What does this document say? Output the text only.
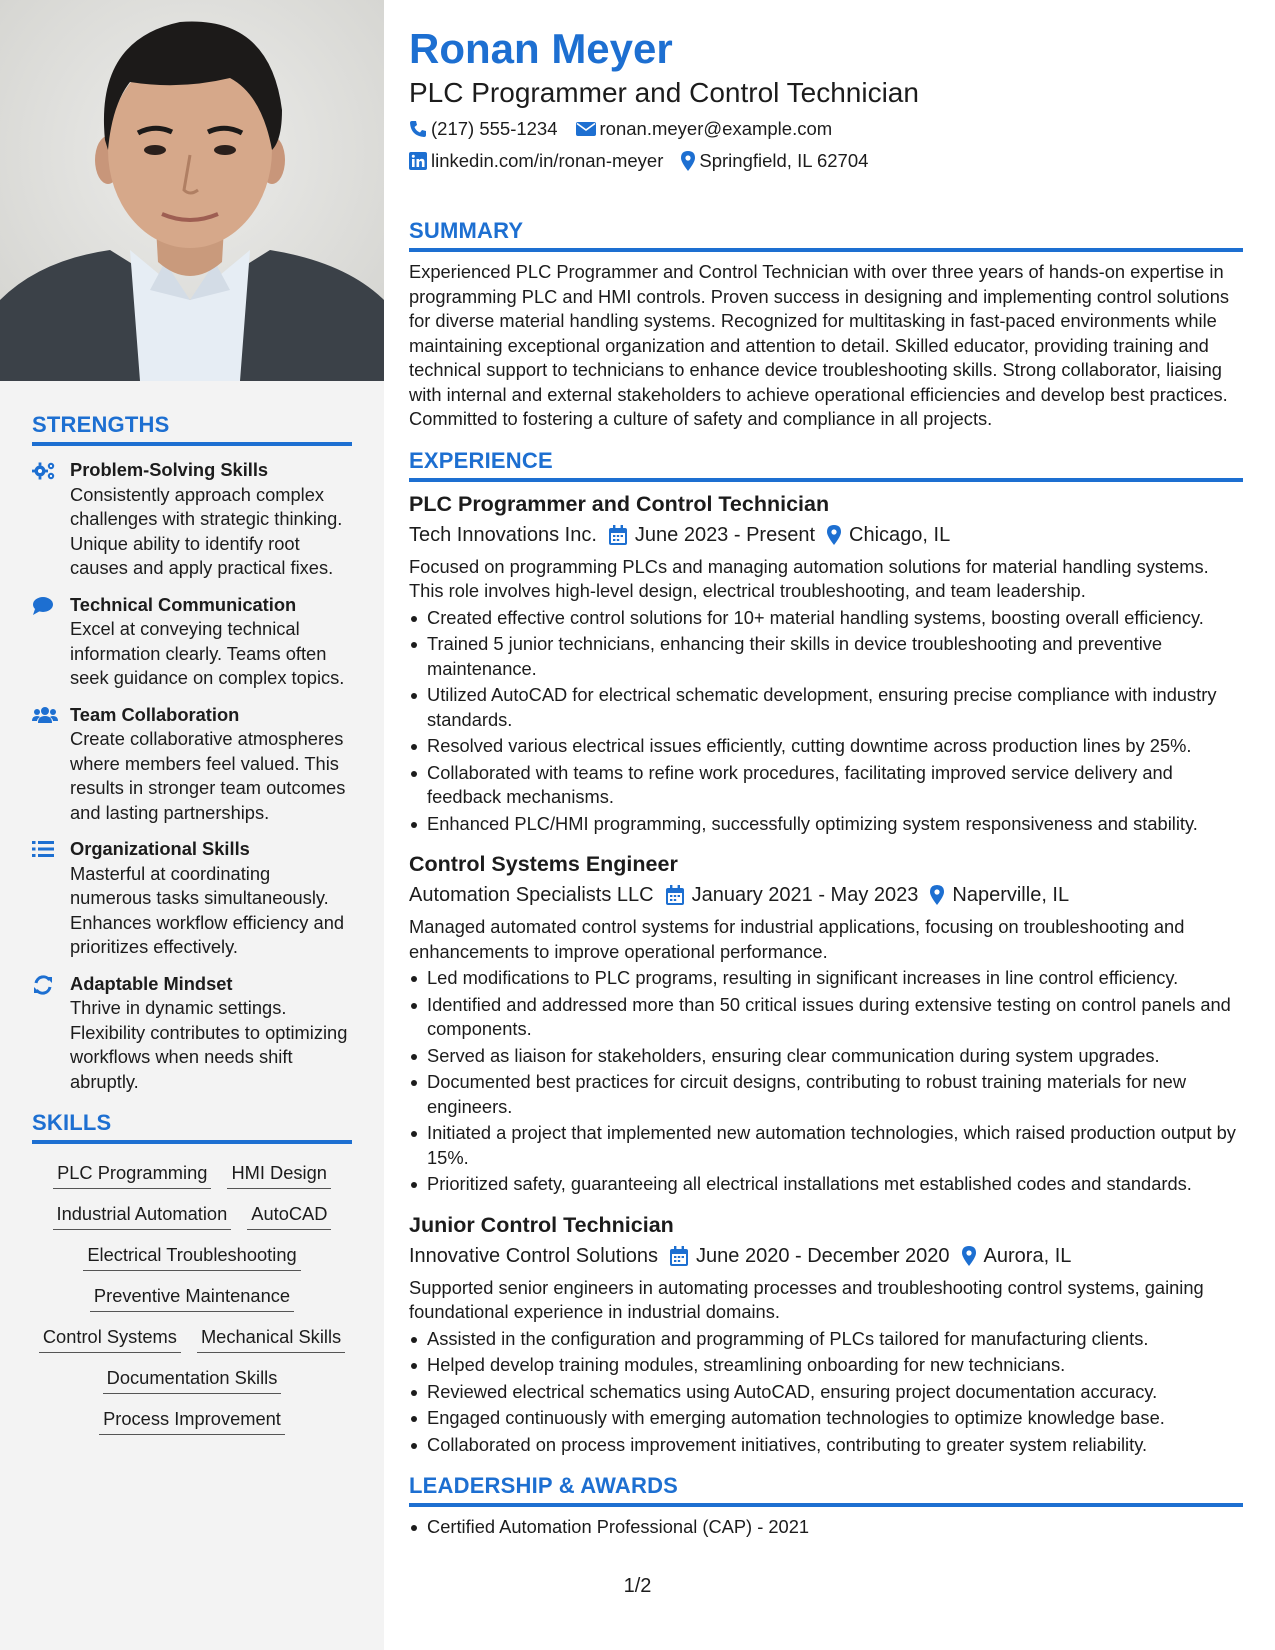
STRENGTHS
Problem-Solving Skills
Consistently approach complex challenges with strategic thinking. Unique ability to identify root causes and apply practical fixes.
Technical Communication
Excel at conveying technical information clearly. Teams often seek guidance on complex topics.
Team Collaboration
Create collaborative atmospheres where members feel valued. This results in stronger team outcomes and lasting partnerships.
Organizational Skills
Masterful at coordinating numerous tasks simultaneously. Enhances workflow efficiency and prioritizes effectively.
Adaptable Mindset
Thrive in dynamic settings. Flexibility contributes to optimizing workflows when needs shift abruptly.
SKILLS
PLC Programming HMI Design
Industrial Automation AutoCAD
Electrical Troubleshooting
Preventive Maintenance
Control Systems Mechanical Skills
Documentation Skills
Process Improvement
Ronan Meyer
PLC Programmer and Control Technician
(217) 555-1234 ronan.meyer@example.com
linkedin.com/in/ronan-meyer Springfield, IL 62704
SUMMARY

Experienced PLC Programmer and Control Technician with over three years of hands-on expertise in programming PLC and HMI controls. Proven success in designing and implementing control solutions for diverse material handling systems. Recognized for multitasking in fast-paced environments while maintaining exceptional organization and attention to detail. Skilled educator, providing training and technical support to technicians to enhance device troubleshooting skills. Strong collaborator, liaising with internal and external stakeholders to achieve operational efficiencies and develop best practices. Committed to fostering a culture of safety and compliance in all projects.

EXPERIENCE
PLC Programmer and Control Technician
Tech Innovations Inc. June 2023 - Present Chicago, IL

Focused on programming PLCs and managing automation solutions for material handling systems. This role involves high-level design, electrical troubleshooting, and team leadership.

Created effective control solutions for 10+ material handling systems, boosting overall efficiency.
Trained 5 junior technicians, enhancing their skills in device troubleshooting and preventive maintenance.
Utilized AutoCAD for electrical schematic development, ensuring precise compliance with industry standards.
Resolved various electrical issues efficiently, cutting downtime across production lines by 25%.
Collaborated with teams to refine work procedures, facilitating improved service delivery and feedback mechanisms.
Enhanced PLC/HMI programming, successfully optimizing system responsiveness and stability.
Control Systems Engineer
Automation Specialists LLC January 2021 - May 2023 Naperville, IL

Managed automated control systems for industrial applications, focusing on troubleshooting and enhancements to improve operational performance.

Led modifications to PLC programs, resulting in significant increases in line control efficiency.
Identified and addressed more than 50 critical issues during extensive testing on control panels and components.
Served as liaison for stakeholders, ensuring clear communication during system upgrades.
Documented best practices for circuit designs, contributing to robust training materials for new engineers.
Initiated a project that implemented new automation technologies, which raised production output by 15%.
Prioritized safety, guaranteeing all electrical installations met established codes and standards.
Junior Control Technician
Innovative Control Solutions June 2020 - December 2020 Aurora, IL

Supported senior engineers in automating processes and troubleshooting control systems, gaining foundational experience in industrial domains.

Assisted in the configuration and programming of PLCs tailored for manufacturing clients.
Helped develop training modules, streamlining onboarding for new technicians.
Reviewed electrical schematics using AutoCAD, ensuring project documentation accuracy.
Engaged continuously with emerging automation technologies to optimize knowledge base.
Collaborated on process improvement initiatives, contributing to greater system reliability.
LEADERSHIP & AWARDS
Certified Automation Professional (CAP) - 2021
1/2
